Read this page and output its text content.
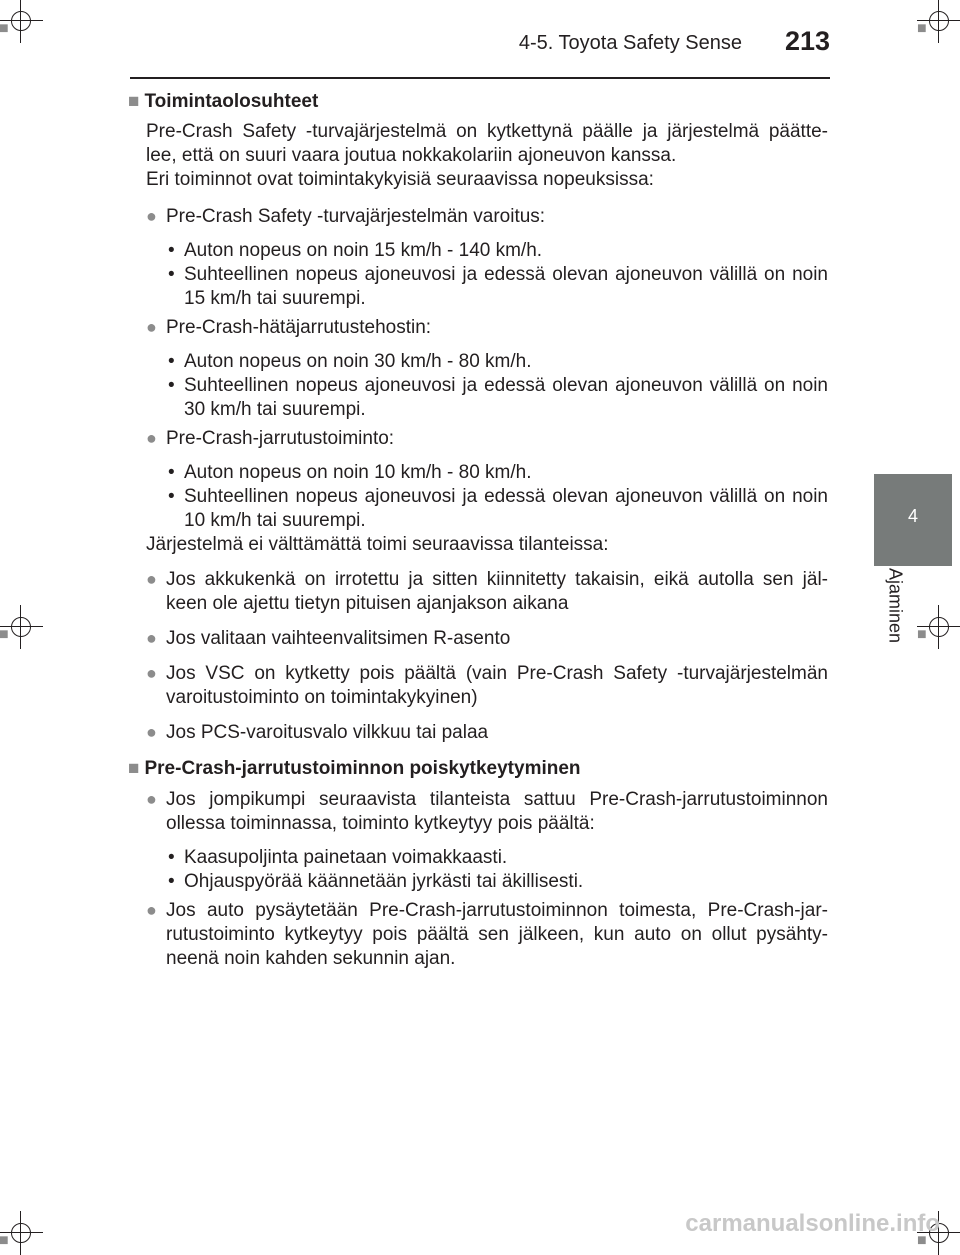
■
■
■
■
■
■
4-5. Toyota Safety Sense 213
4
Ajaminen
■ Toimintaolosuhteet
Pre-Crash Safety -turvajärjestelmä on kytkettynä päälle ja järjestelmä päätte- lee, että on suuri vaara joutua nokkakolariin ajoneuvon kanssa.
Eri toiminnot ovat toimintakykyisiä seuraavissa nopeuksissa:
● Pre-Crash Safety -turvajärjestelmän varoitus:
• Auton nopeus on noin 15 km/h - 140 km/h.
• Suhteellinen nopeus ajoneuvosi ja edessä olevan ajoneuvon välillä on noin 15 km/h tai suurempi.
● Pre-Crash-hätäjarrutustehostin:
• Auton nopeus on noin 30 km/h - 80 km/h.
• Suhteellinen nopeus ajoneuvosi ja edessä olevan ajoneuvon välillä on noin 30 km/h tai suurempi.
● Pre-Crash-jarrutustoiminto:
• Auton nopeus on noin 10 km/h - 80 km/h.
• Suhteellinen nopeus ajoneuvosi ja edessä olevan ajoneuvon välillä on noin 10 km/h tai suurempi.
Järjestelmä ei välttämättä toimi seuraavissa tilanteissa:
● Jos akkukenkä on irrotettu ja sitten kiinnitetty takaisin, eikä autolla sen jäl- keen ole ajettu tietyn pituisen ajanjakson aikana
● Jos valitaan vaihteenvalitsimen R-asento
● Jos VSC on kytketty pois päältä (vain Pre-Crash Safety -turvajärjestelmän varoitustoiminto on toimintakykyinen)
● Jos PCS-varoitusvalo vilkkuu tai palaa
■ Pre-Crash-jarrutustoiminnon poiskytkeytyminen
● Jos jompikumpi seuraavista tilanteista sattuu Pre-Crash-jarrutustoiminnon ollessa toiminnassa, toiminto kytkeytyy pois päältä:
• Kaasupoljinta painetaan voimakkaasti.
• Ohjauspyörää käännetään jyrkästi tai äkillisesti.
● Jos auto pysäytetään Pre-Crash-jarrutustoiminnon toimesta, Pre-Crash-jar- rutustoiminto kytkeytyy pois päältä sen jälkeen, kun auto on ollut pysähty- neenä noin kahden sekunnin ajan.
carmanualsonline.info
